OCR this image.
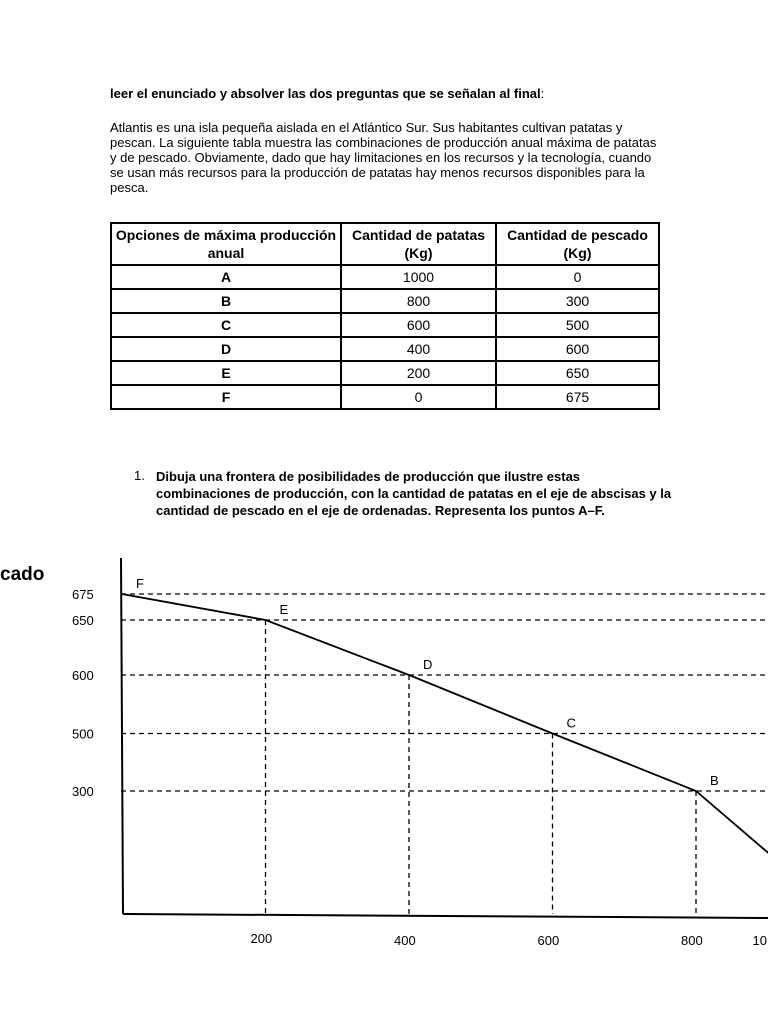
leer el enunciado y absolver las dos preguntas que se señalan al final:
Atlantis es una isla pequeña aislada en el Atlántico Sur. Sus habitantes cultivan patatas y pescan. La siguiente tabla muestra las combinaciones de producción anual máxima de patatas y de pescado. Obviamente, dado que hay limitaciones en los recursos y la tecnología, cuando se usan más recursos para la producción de patatas hay menos recursos disponibles para la pesca.
Opciones de máxima producción anual	Cantidad de patatas (Kg)	Cantidad de pescado (Kg)
A	1000	0
B	800	300
C	600	500
D	400	600
E	200	650
F	0	675
1. Dibuja una frontera de posibilidades de producción que ilustre estas combinaciones de producción, con la cantidad de patatas en el eje de abscisas y la cantidad de pescado en el eje de ordenadas. Representa los puntos A–F.
cado	F
E
D
C
B
675
650
600
500
300
200	400	600	800	10
